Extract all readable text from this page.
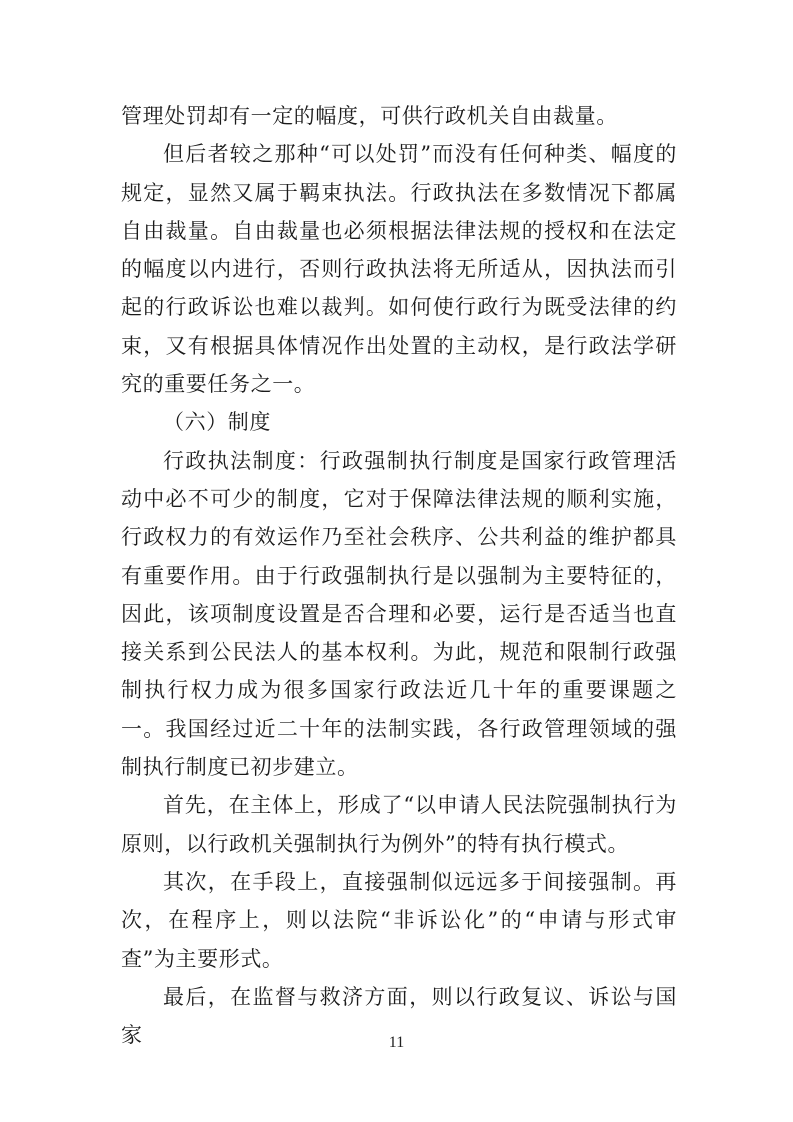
管理处罚却有一定的幅度，可供行政机关自由裁量。

但后者较之那种“可以处罚”而没有任何种类、幅度的规定，显然又属于羁束执法。行政执法在多数情况下都属自由裁量。自由裁量也必须根据法律法规的授权和在法定的幅度以内进行，否则行政执法将无所适从，因执法而引起的行政诉讼也难以裁判。如何使行政行为既受法律的约束，又有根据具体情况作出处置的主动权，是行政法学研究的重要任务之一。

（六）制度

行政执法制度：行政强制执行制度是国家行政管理活动中必不可少的制度，它对于保障法律法规的顺利实施，行政权力的有效运作乃至社会秩序、公共利益的维护都具有重要作用。由于行政强制执行是以强制为主要特征的，因此，该项制度设置是否合理和必要，运行是否适当也直接关系到公民法人的基本权利。为此，规范和限制行政强制执行权力成为很多国家行政法近几十年的重要课题之一。我国经过近二十年的法制实践，各行政管理领域的强制执行制度已初步建立。

首先，在主体上，形成了“以申请人民法院强制执行为原则，以行政机关强制执行为例外”的特有执行模式。

其次，在手段上，直接强制似远远多于间接强制。再次，在程序上，则以法院“非诉讼化”的“申请与形式审查”为主要形式。

最后，在监督与救济方面，则以行政复议、诉讼与国家	11
